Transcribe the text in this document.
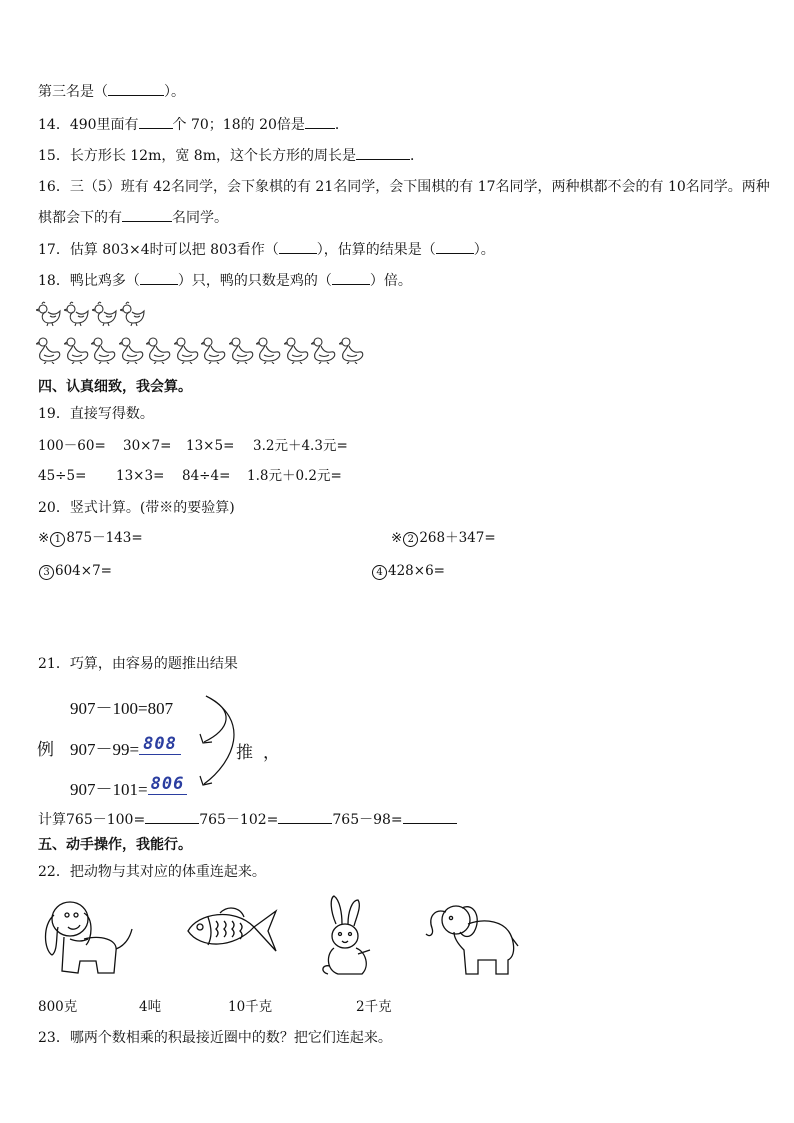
第三名是（	）。
14．490里面有 个 70；18的 20倍是 ．
15．长方形长 12m，宽 8m，这个长方形的周长是	．
16．三（5）班有 42名同学，会下象棋的有 21名同学，会下围棋的有 17名同学，两种棋都不会的有 10名同学。两种
棋都会下的有	名同学。
17．估算 803×4时可以把 803看作（	），估算的结果是（	）。
18．鸭比鸡多（	）只，鸭的只数是鸡的（	）倍。
四、认真细致，我会算。
19．直接写得数。
100－60= 30×7= 13×5= 3.2元＋4.3元=
45÷5= 13×3= 84÷4= 1.8元＋0.2元=
20．竖式计算。(带※的要验算)
※ 1 875－143=	※ 2 268＋347=
3 604×7=	4 428×6=
21．巧算，由容易的题推出结果
907－100=807
例 907－99= 808
907－101= 806
推 ，
计算765－100=	765－102=	765－98=
五、动手操作，我能行。
22．把动物与其对应的体重连起来。
800克	4吨	10千克	2千克
23．哪两个数相乘的积最接近圈中的数？把它们连起来。
